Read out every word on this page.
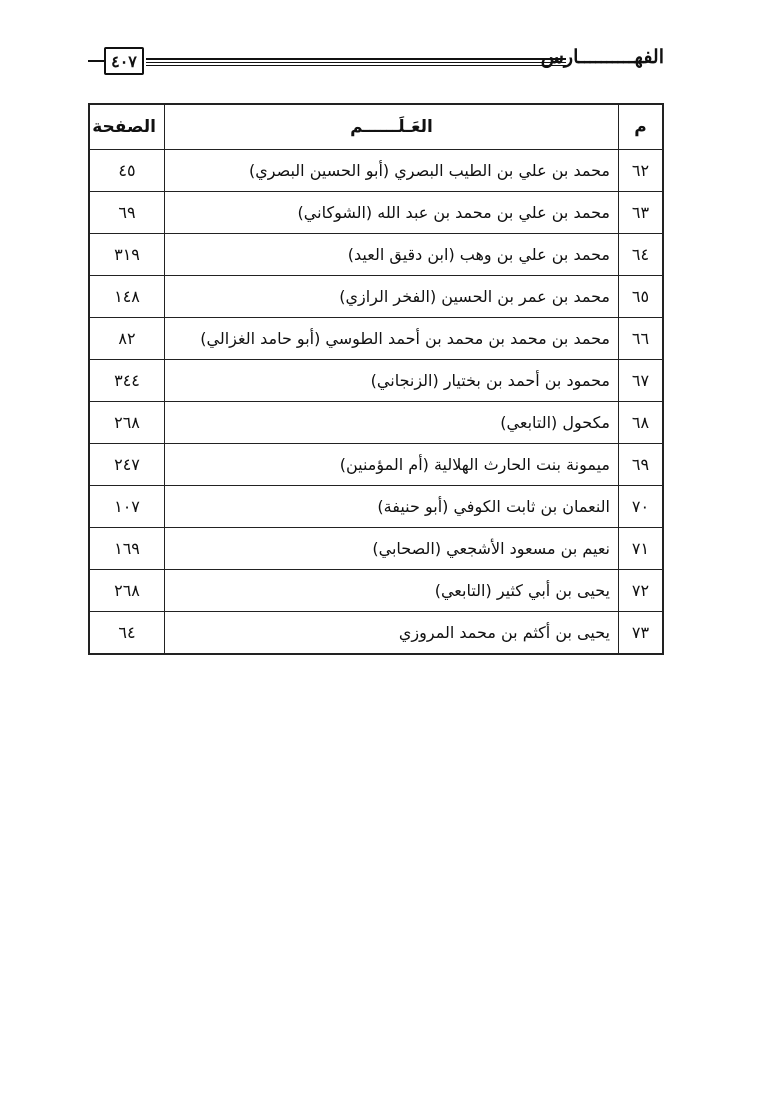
الفهــــــــــارس
٤٠٧
م	العَـلَــــــم	الصفحة
٦٢	محمد بن علي بن الطيب البصري (أبو الحسين البصري)	٤٥
٦٣	محمد بن علي بن محمد بن عبد الله (الشوكاني)	٦٩
٦٤	محمد بن علي بن وهب (ابن دقيق العيد)	٣١٩
٦٥	محمد بن عمر بن الحسين (الفخر الرازي)	١٤٨
٦٦	محمد بن محمد بن محمد بن أحمد الطوسي (أبو حامد الغزالي)	٨٢
٦٧	محمود بن أحمد بن بختيار (الزنجاني)	٣٤٤
٦٨	مكحول (التابعي)	٢٦٨
٦٩	ميمونة بنت الحارث الهلالية (أم المؤمنين)	٢٤٧
٧٠	النعمان بن ثابت الكوفي (أبو حنيفة)	١٠٧
٧١	نعيم بن مسعود الأشجعي (الصحابي)	١٦٩
٧٢	يحيى بن أبي كثير (التابعي)	٢٦٨
٧٣	يحيى بن أكثم بن محمد المروزي	٦٤
